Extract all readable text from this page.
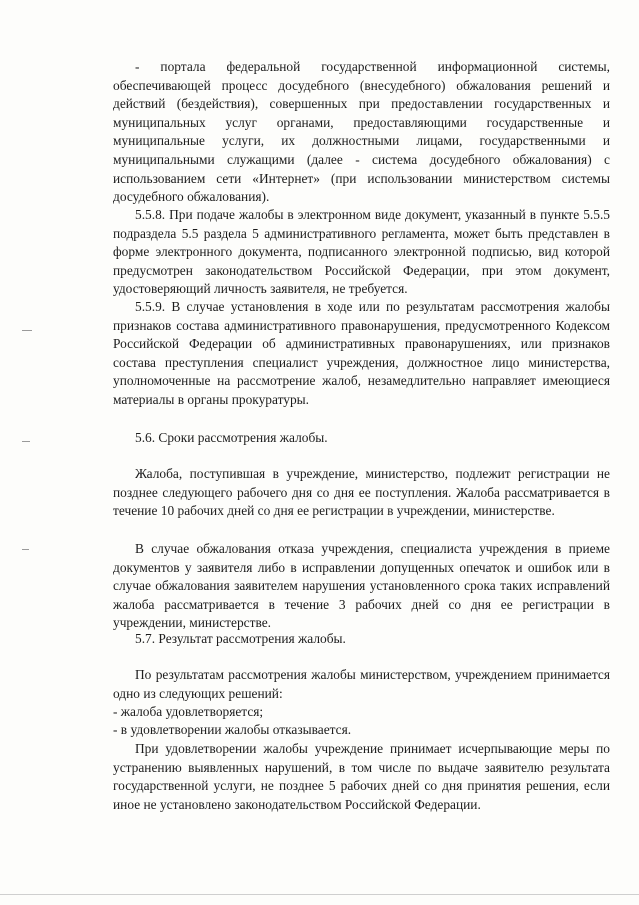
- портала федеральной государственной информационной системы, обеспечивающей процесс досудебного (внесудебного) обжалования решений и действий (бездействия), совершенных при предоставлении государственных и муниципальных услуг органами, предоставляющими государственные и муниципальные услуги, их должностными лицами, государственными и муниципальными служащими (далее - система досудебного обжалования) с использованием сети «Интернет» (при использовании министерством системы досудебного обжалования).

5.5.8. При подаче жалобы в электронном виде документ, указанный в пункте 5.5.5 подраздела 5.5 раздела 5 административного регламента, может быть представлен в форме электронного документа, подписанного электронной подписью, вид которой предусмотрен законодательством Российской Федерации, при этом документ, удостоверяющий личность заявителя, не требуется.

5.5.9. В случае установления в ходе или по результатам рассмотрения жалобы признаков состава административного правонарушения, предусмотренного Кодексом Российской Федерации об административных правонарушениях, или признаков состава преступления специалист учреждения, должностное лицо министерства, уполномоченные на рассмотрение жалоб, незамедлительно направляет имеющиеся материалы в органы прокуратуры.

5.6. Сроки рассмотрения жалобы.

Жалоба, поступившая в учреждение, министерство, подлежит регистрации не позднее следующего рабочего дня со дня ее поступления. Жалоба рассматривается в течение 10 рабочих дней со дня ее регистрации в учреждении, министерстве.

В случае обжалования отказа учреждения, специалиста учреждения в приеме документов у заявителя либо в исправлении допущенных опечаток и ошибок или в случае обжалования заявителем нарушения установленного срока таких исправлений жалоба рассматривается в течение 3 рабочих дней со дня ее регистрации в учреждении, министерстве.

5.7. Результат рассмотрения жалобы.

По результатам рассмотрения жалобы министерством, учреждением принимается одно из следующих решений:

- жалоба удовлетворяется;

- в удовлетворении жалобы отказывается.

При удовлетворении жалобы учреждение принимает исчерпывающие меры по устранению выявленных нарушений, в том числе по выдаче заявителю результата государственной услуги, не позднее 5 рабочих дней со дня принятия решения, если иное не установлено законодательством Российской Федерации.
